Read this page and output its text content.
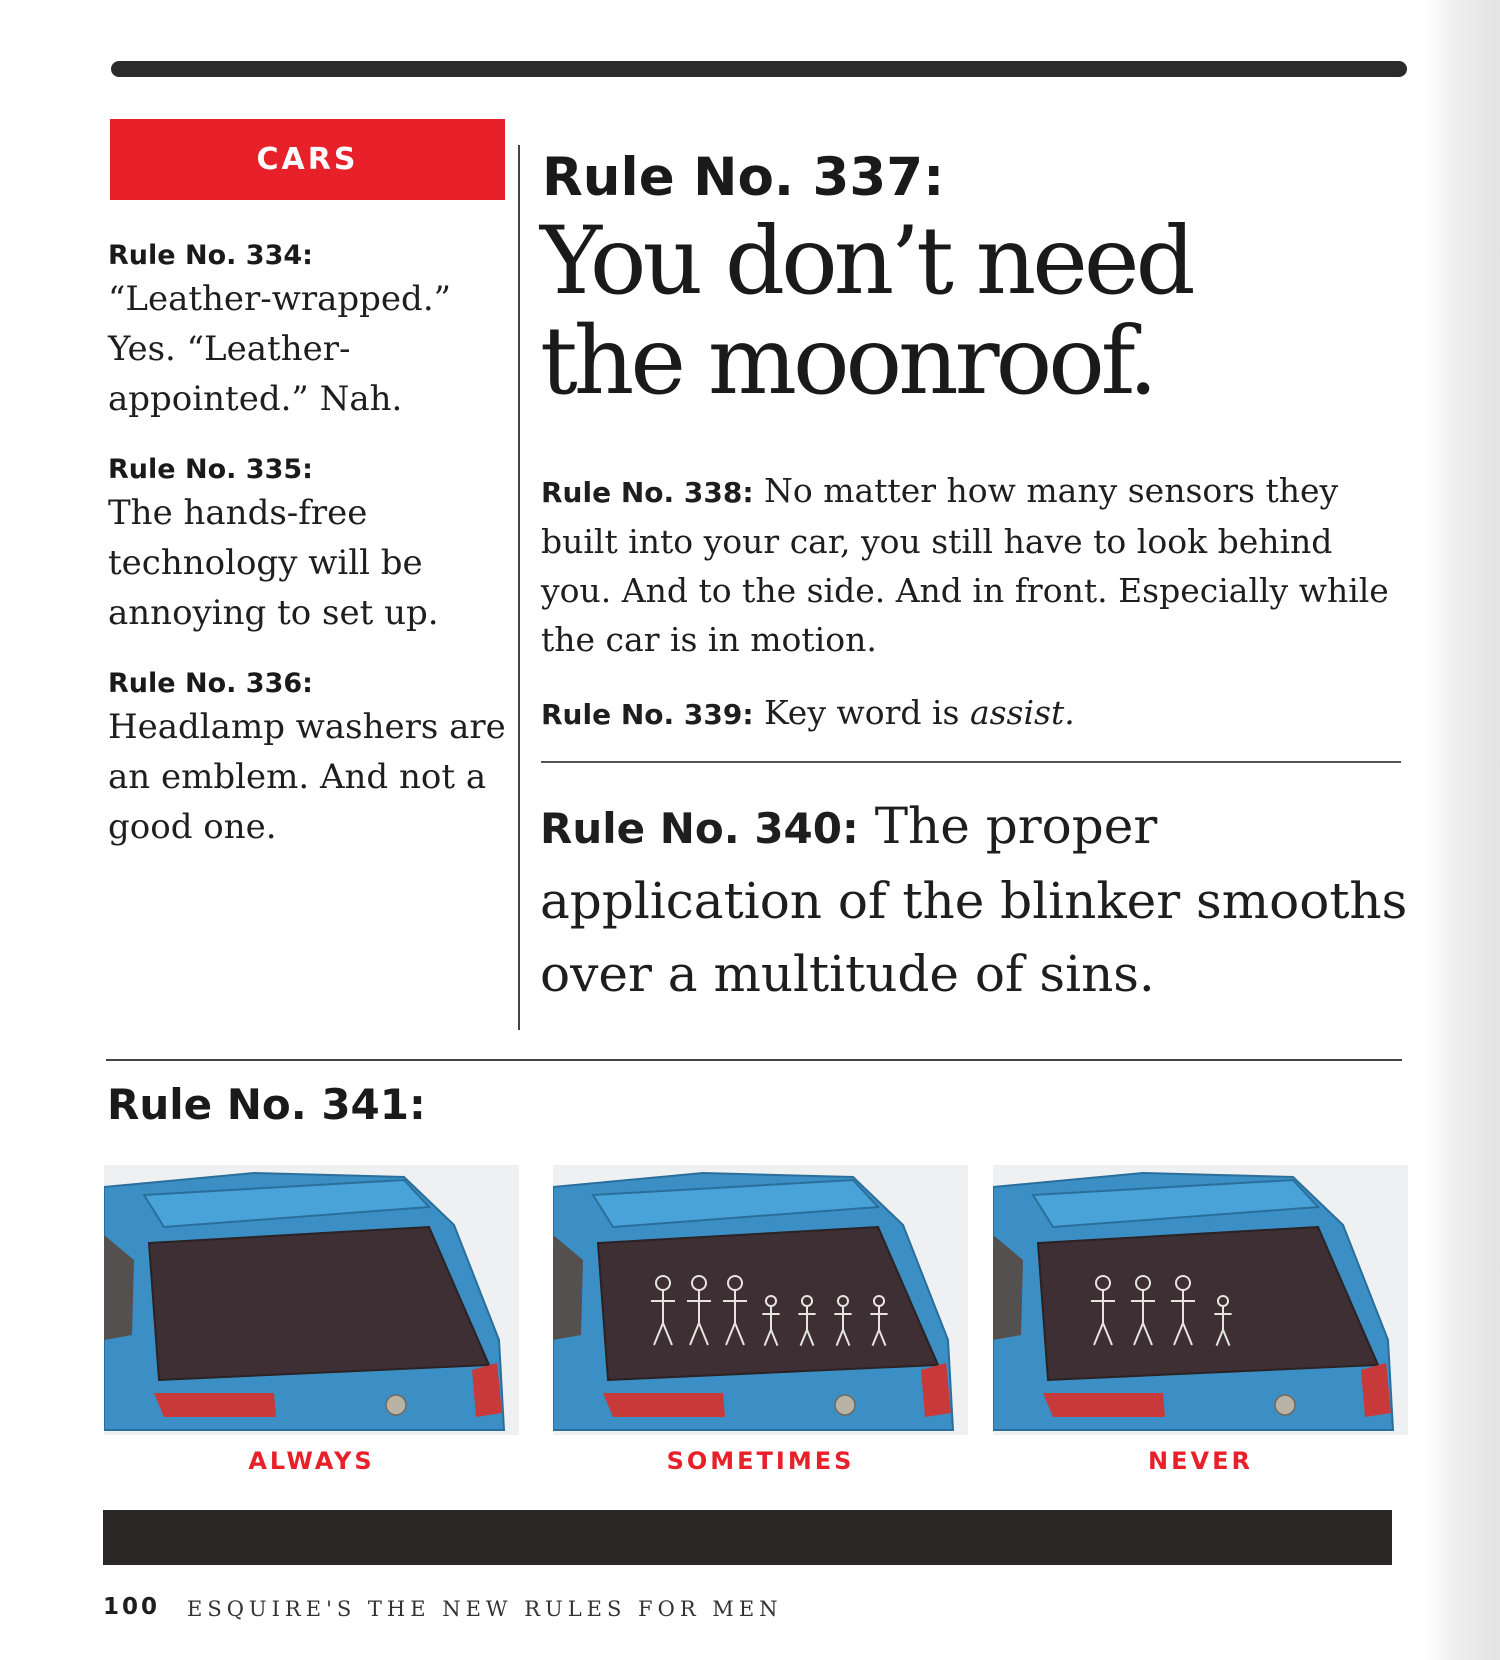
CARS
Rule No. 334:
“Leather-wrapped.”
Yes. “Leather-
appointed.” Nah.
Rule No. 335:
The hands-free
technology will be
annoying to set up.
Rule No. 336:
Headlamp washers are
an emblem. And not a
good one.
Rule No. 337:
You don’t need
the moonroof.
Rule No. 338: No matter how many sensors they
built into your car, you still have to look behind
you. And to the side. And in front. Especially while
the car is in motion.
Rule No. 339: Key word is assist.
Rule No. 340: The proper
application of the blinker smooths
over a multitude of sins.
Rule No. 341:
ALWAYS	SOMETIMES	NEVER
100 ESQUIRE'S THE NEW RULES FOR MEN
